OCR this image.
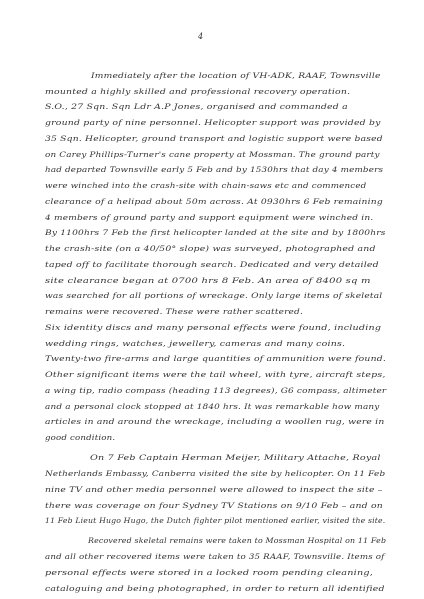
4
Immediately after the location of VH-ADK, RAAF, Townsville
mounted a highly skilled and professional recovery operation.
S.O., 27 Sqn. Sqn Ldr A.P Jones, organised and commanded a
ground party of nine personnel. Helicopter support was provided by
35 Sqn. Helicopter, ground transport and logistic support were based
on Carey Phillips-Turner's cane property at Mossman. The ground party
had departed Townsville early 5 Feb and by 1530hrs that day 4 members
were winched into the crash-site with chain-saws etc and commenced
clearance of a helipad about 50m across. At 0930hrs 6 Feb remaining
4 members of ground party and support equipment were winched in.
By 1100hrs 7 Feb the first helicopter landed at the site and by 1800hrs
the crash-site (on a 40/50° slope) was surveyed, photographed and
taped off to facilitate thorough search. Dedicated and very detailed
site clearance began at 0700 hrs 8 Feb. An area of 8400 sq m
was searched for all portions of wreckage. Only large items of skeletal
remains were recovered. These were rather scattered.
Six identity discs and many personal effects were found, including
wedding rings, watches, jewellery, cameras and many coins.
Twenty-two fire-arms and large quantities of ammunition were found.
Other significant items were the tail wheel, with tyre, aircraft steps,
a wing tip, radio compass (heading 113 degrees), G6 compass, altimeter
and a personal clock stopped at 1840 hrs. It was remarkable how many
articles in and around the wreckage, including a woollen rug, were in
good condition.
On 7 Feb Captain Herman Meijer, Military Attache, Royal
Netherlands Embassy, Canberra visited the site by helicopter. On 11 Feb
nine TV and other media personnel were allowed to inspect the site –
there was coverage on four Sydney TV Stations on 9/10 Feb – and on
11 Feb Lieut Hugo Hugo, the Dutch fighter pilot mentioned earlier, visited the site.
Recovered skeletal remains were taken to Mossman Hospital on 11 Feb
and all other recovered items were taken to 35 RAAF, Townsville. Items of
personal effects were stored in a locked room pending cleaning,
cataloguing and being photographed, in order to return all identified
